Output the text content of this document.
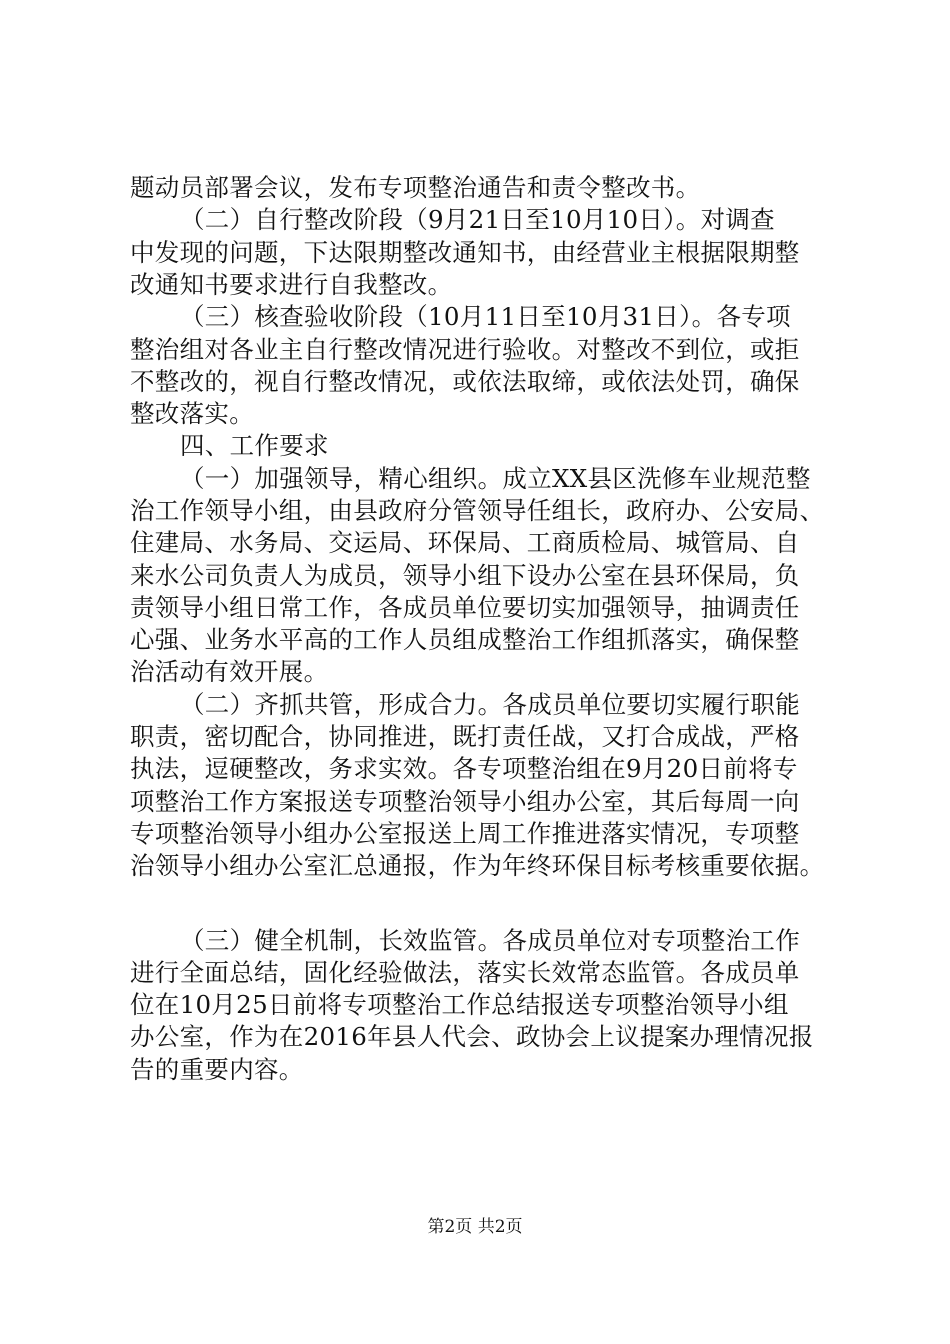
题动员部署会议，发布专项整治通告和责令整改书。
（二）自行整改阶段（9月21日至10月10日）。对调查
中发现的问题，下达限期整改通知书，由经营业主根据限期整
改通知书要求进行自我整改。
（三）核查验收阶段（10月11日至10月31日）。各专项
整治组对各业主自行整改情况进行验收。对整改不到位，或拒
不整改的，视自行整改情况，或依法取缔，或依法处罚，确保
整改落实。
四、工作要求
（一）加强领导，精心组织。成立XX县区洗修车业规范整
治工作领导小组，由县政府分管领导任组长，政府办、公安局、
住建局、水务局、交运局、环保局、工商质检局、城管局、自
来水公司负责人为成员，领导小组下设办公室在县环保局，负
责领导小组日常工作，各成员单位要切实加强领导，抽调责任
心强、业务水平高的工作人员组成整治工作组抓落实，确保整
治活动有效开展。
（二）齐抓共管，形成合力。各成员单位要切实履行职能
职责，密切配合，协同推进，既打责任战，又打合成战，严格
执法，逗硬整改，务求实效。各专项整治组在9月20日前将专
项整治工作方案报送专项整治领导小组办公室，其后每周一向
专项整治领导小组办公室报送上周工作推进落实情况，专项整
治领导小组办公室汇总通报，作为年终环保目标考核重要依据。
（三）健全机制，长效监管。各成员单位对专项整治工作
进行全面总结，固化经验做法，落实长效常态监管。各成员单
位在10月25日前将专项整治工作总结报送专项整治领导小组
办公室，作为在2016年县人代会、政协会上议提案办理情况报
告的重要内容。
第2页 共2页
